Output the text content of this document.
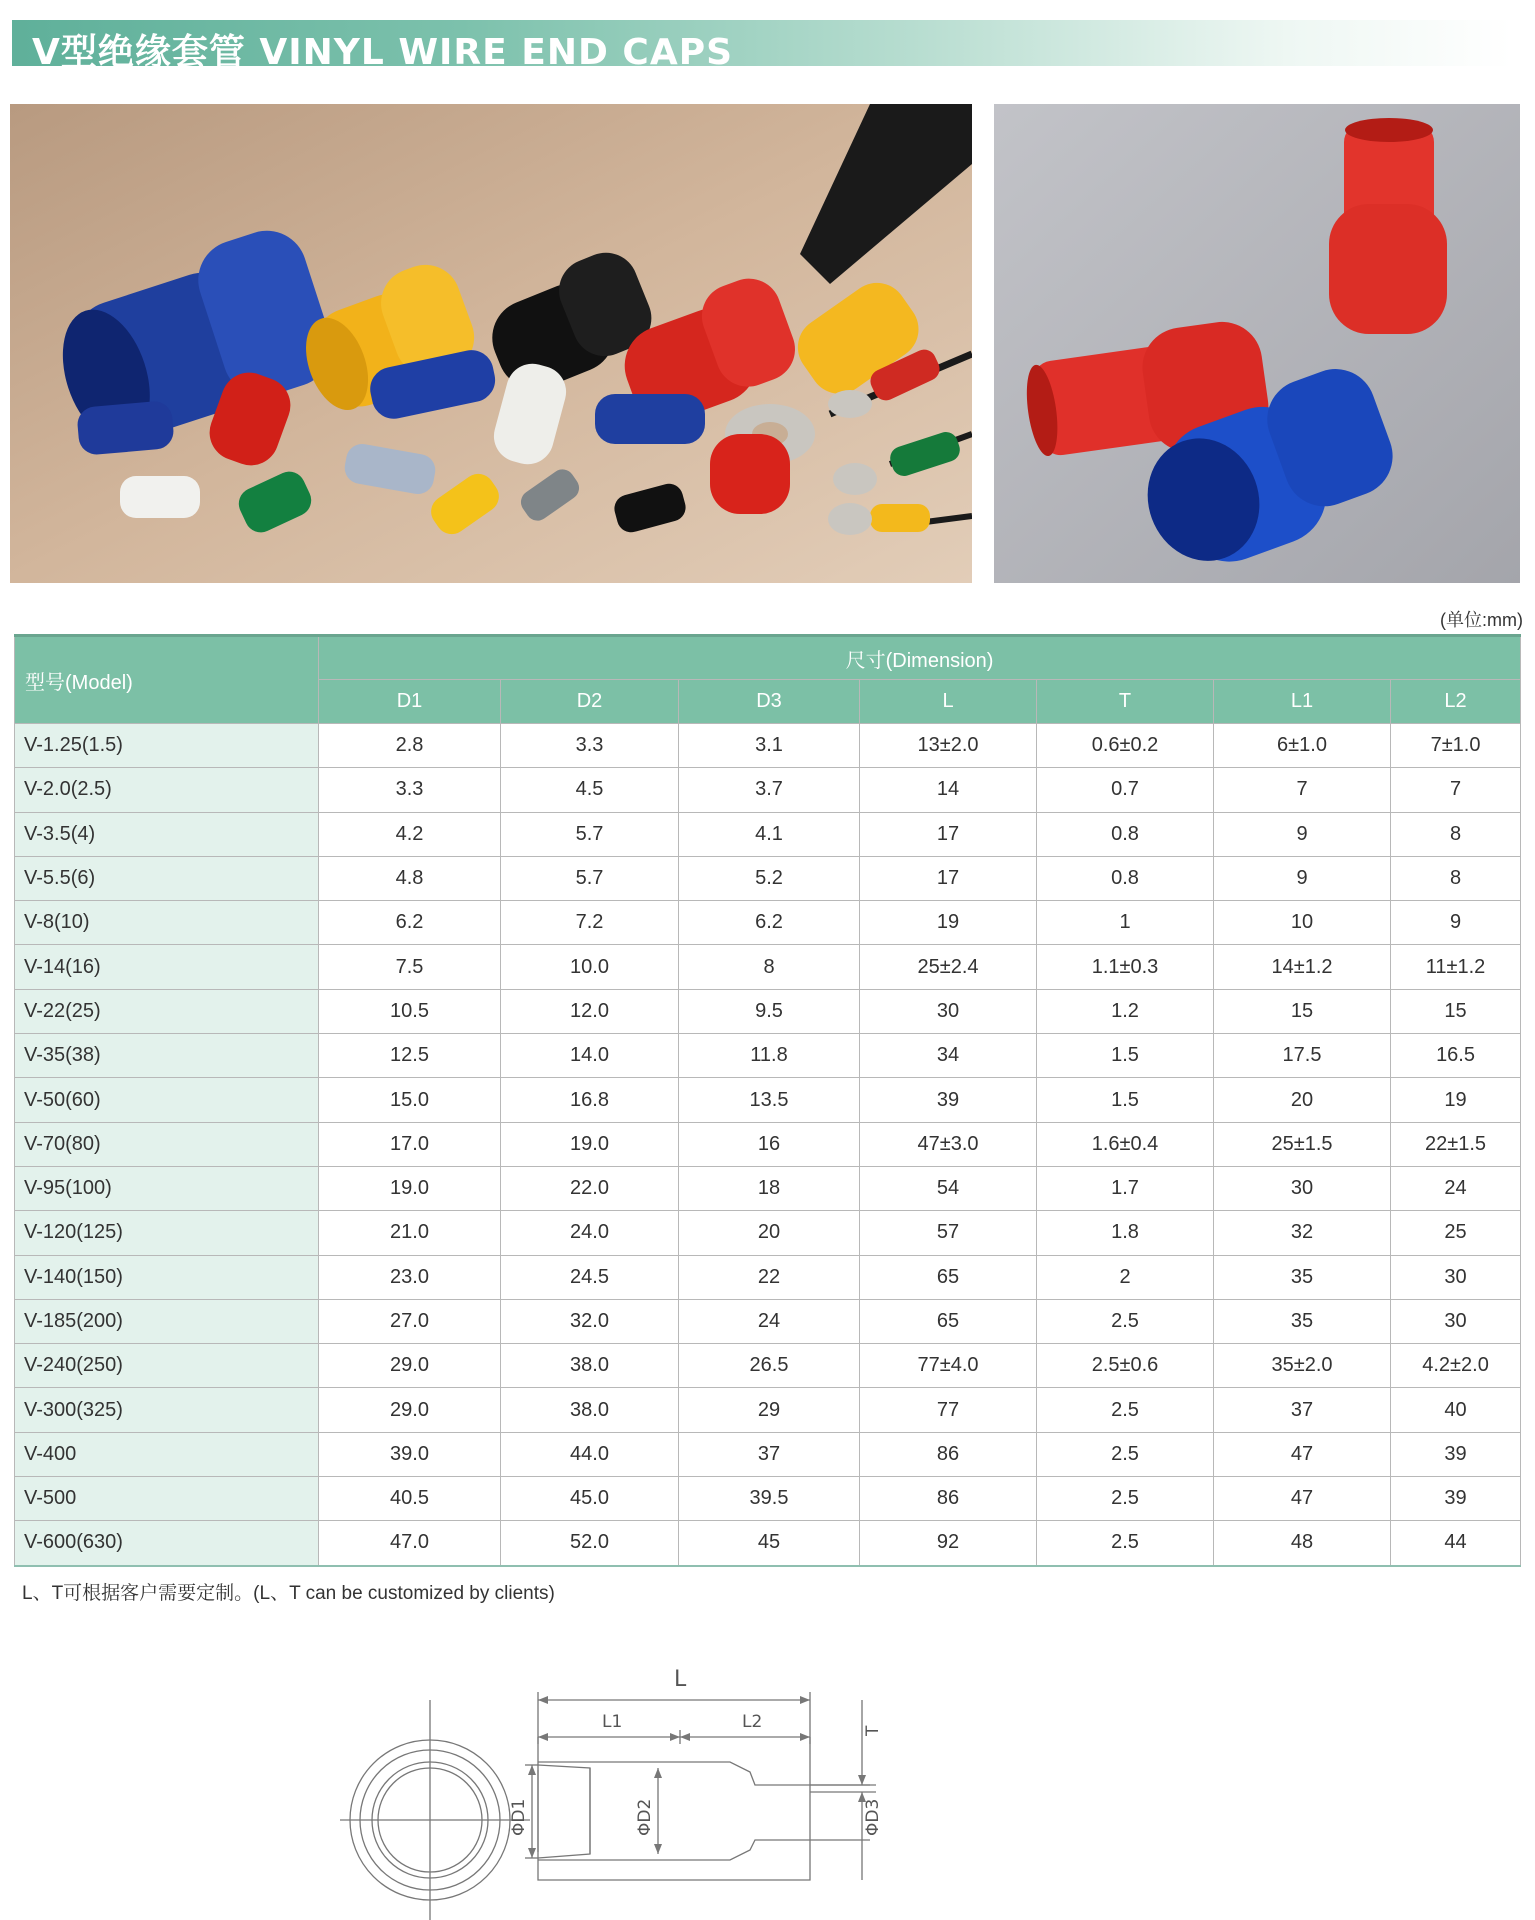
V型绝缘套管 VINYL WIRE END CAPS
(单位:mm)
型号(Model)	尺寸(Dimension)						
	D1	D2	D3	L	T	L1	L2
V-1.25(1.5)	2.8	3.3	3.1	13±2.0	0.6±0.2	6±1.0	7±1.0
V-2.0(2.5)	3.3	4.5	3.7	14	0.7	7	7
V-3.5(4)	4.2	5.7	4.1	17	0.8	9	8
V-5.5(6)	4.8	5.7	5.2	17	0.8	9	8
V-8(10)	6.2	7.2	6.2	19	1	10	9
V-14(16)	7.5	10.0	8	25±2.4	1.1±0.3	14±1.2	11±1.2
V-22(25)	10.5	12.0	9.5	30	1.2	15	15
V-35(38)	12.5	14.0	11.8	34	1.5	17.5	16.5
V-50(60)	15.0	16.8	13.5	39	1.5	20	19
V-70(80)	17.0	19.0	16	47±3.0	1.6±0.4	25±1.5	22±1.5
V-95(100)	19.0	22.0	18	54	1.7	30	24
V-120(125)	21.0	24.0	20	57	1.8	32	25
V-140(150)	23.0	24.5	22	65	2	35	30
V-185(200)	27.0	32.0	24	65	2.5	35	30
V-240(250)	29.0	38.0	26.5	77±4.0	2.5±0.6	35±2.0	4.2±2.0
V-300(325)	29.0	38.0	29	77	2.5	37	40
V-400	39.0	44.0	37	86	2.5	47	39
V-500	40.5	45.0	39.5	86	2.5	47	39
V-600(630)	47.0	52.0	45	92	2.5	48	44
L、T可根据客户需要定制。(L、T can be customized by clients)
L
L1	L2	T
ΦD1	ΦD2	ΦD3
